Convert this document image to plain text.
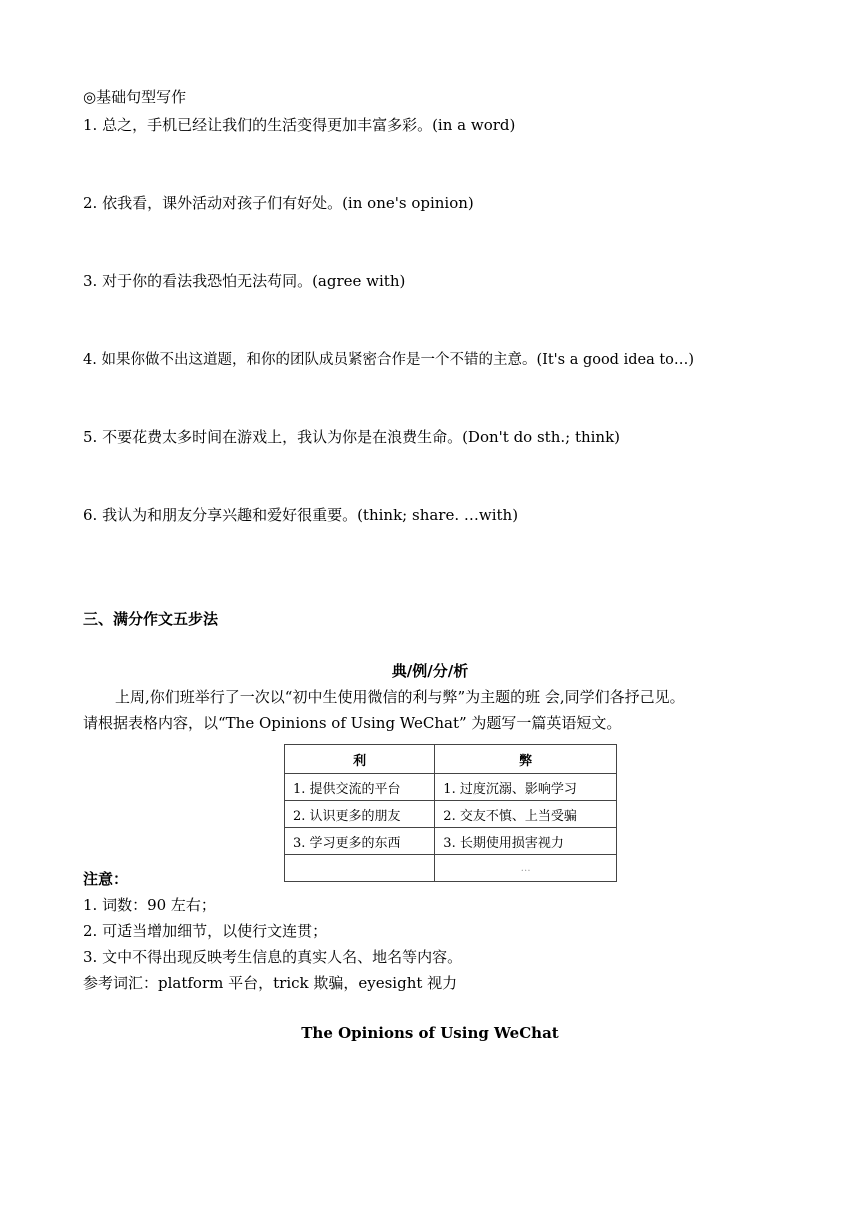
◎基础句型写作
1. 总之，手机已经让我们的生活变得更加丰富多彩。(in a word)
2. 依我看，课外活动对孩子们有好处。(in one's opinion)
3. 对于你的看法我恐怕无法苟同。(agree with)
4. 如果你做不出这道题，和你的团队成员紧密合作是一个不错的主意。(It's a good idea to…)
5. 不要花费太多时间在游戏上，我认为你是在浪费生命。(Don't do sth.; think)
6. 我认为和朋友分享兴趣和爱好很重要。(think; share. …with)
三、满分作文五步法
典/例/分/析
上周,你们班举行了一次以“初中生使用微信的利与弊”为主题的班 会,同学们各抒己见。
请根据表格内容，以“The Opinions of Using WeChat” 为题写一篇英语短文。
利	弊
1. 提供交流的平台	1. 过度沉溺、影响学习
2. 认识更多的朋友	2. 交友不慎、上当受骗
3. 学习更多的东西	3. 长期使用损害视力
	…
注意：
1. 词数：90 左右；
2. 可适当增加细节，以使行文连贯；
3. 文中不得出现反映考生信息的真实人名、地名等内容。
参考词汇：platform 平台，trick 欺骗，eyesight 视力
The Opinions of Using WeChat
